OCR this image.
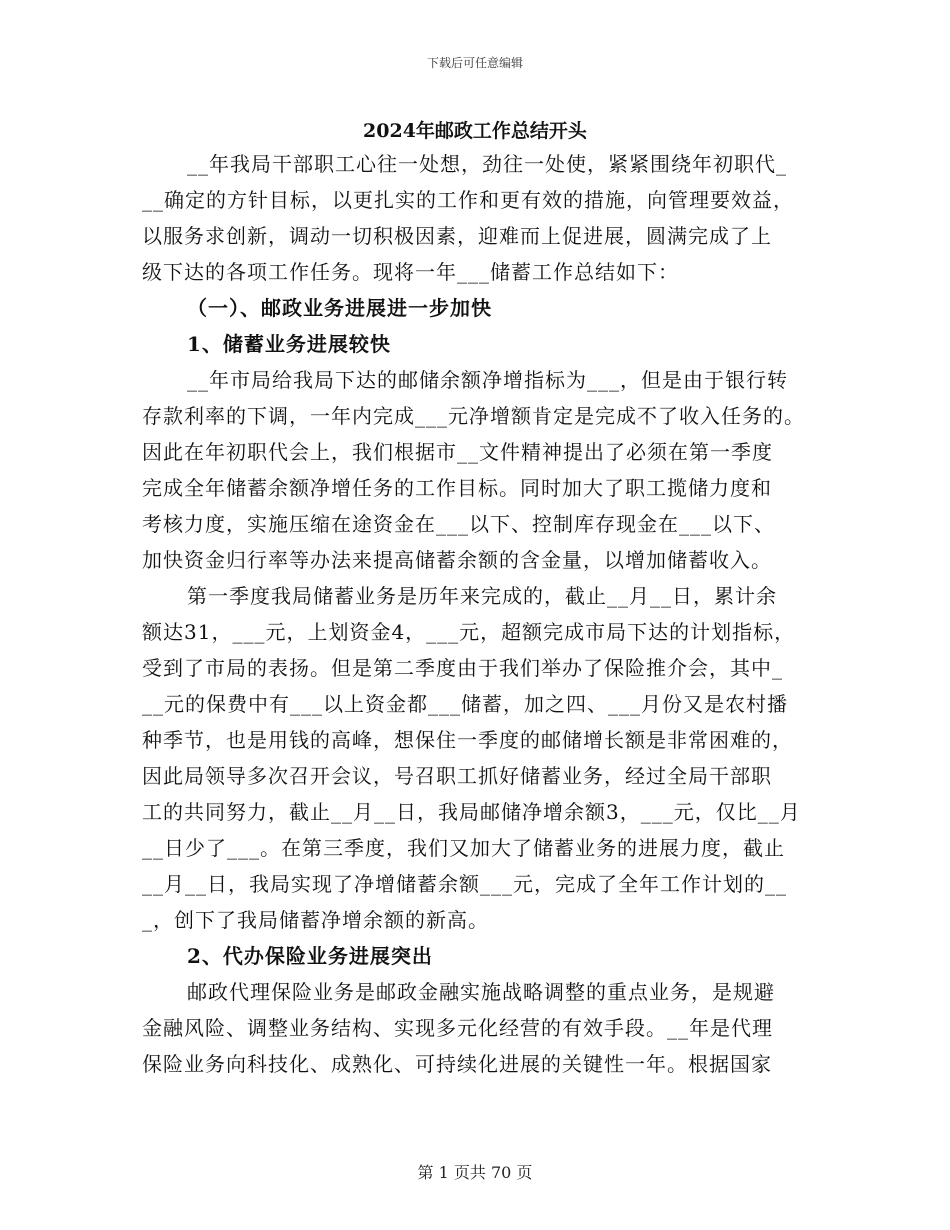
下载后可任意编辑
2024年邮政工作总结开头
__年我局干部职工心往一处想，劲往一处使，紧紧围绕年初职代_
__确定的方针目标，以更扎实的工作和更有效的措施，向管理要效益，
以服务求创新，调动一切积极因素，迎难而上促进展，圆满完成了上
级下达的各项工作任务。现将一年___储蓄工作总结如下：
（一）、邮政业务进展进一步加快
1、储蓄业务进展较快
__年市局给我局下达的邮储余额净增指标为___，但是由于银行转
存款利率的下调，一年内完成___元净增额肯定是完成不了收入任务的。
因此在年初职代会上，我们根据市__文件精神提出了必须在第一季度
完成全年储蓄余额净增任务的工作目标。同时加大了职工揽储力度和
考核力度，实施压缩在途资金在___以下、控制库存现金在___以下、
加快资金归行率等办法来提高储蓄余额的含金量，以增加储蓄收入。
第一季度我局储蓄业务是历年来完成的，截止__月__日，累计余
额达31，___元，上划资金4，___元，超额完成市局下达的计划指标，
受到了市局的表扬。但是第二季度由于我们举办了保险推介会，其中_
__元的保费中有___以上资金都___储蓄，加之四、___月份又是农村播
种季节，也是用钱的高峰，想保住一季度的邮储增长额是非常困难的，
因此局领导多次召开会议，号召职工抓好储蓄业务，经过全局干部职
工的共同努力，截止__月__日，我局邮储净增余额3，___元，仅比__月
__日少了___。在第三季度，我们又加大了储蓄业务的进展力度，截止
__月__日，我局实现了净增储蓄余额___元，完成了全年工作计划的__
_，创下了我局储蓄净增余额的新高。
2、代办保险业务进展突出
邮政代理保险业务是邮政金融实施战略调整的重点业务，是规避
金融风险、调整业务结构、实现多元化经营的有效手段。__年是代理
保险业务向科技化、成熟化、可持续化进展的关键性一年。根据国家
第 1 页共 70 页
